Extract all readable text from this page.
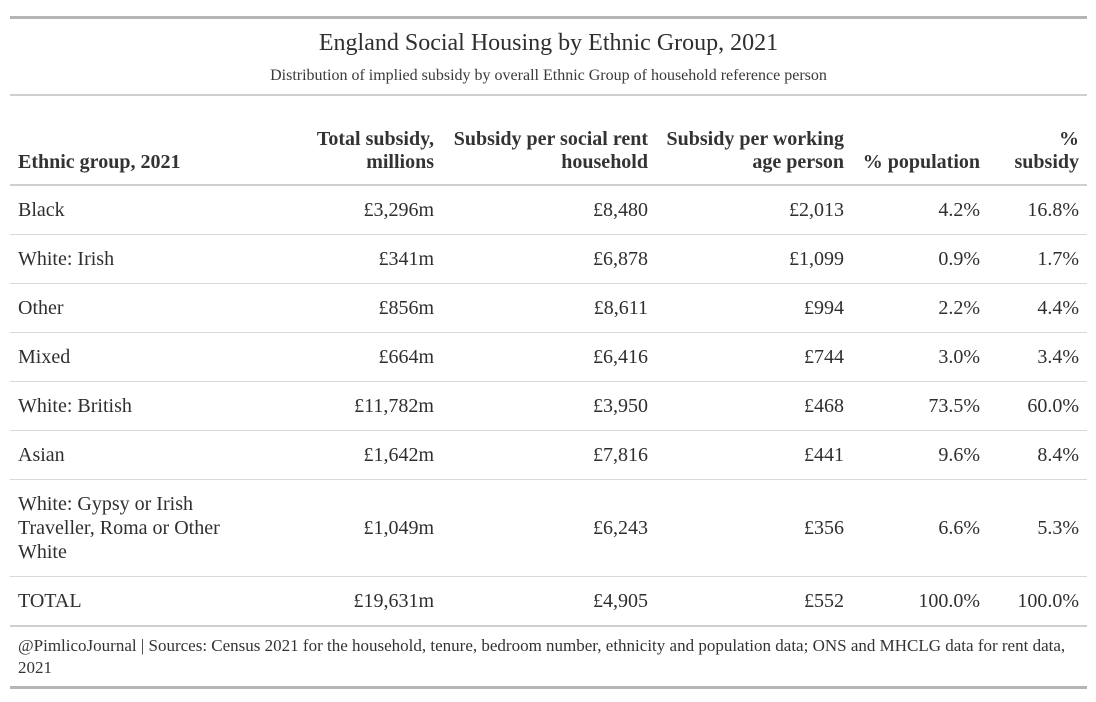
England Social Housing by Ethnic Group, 2021
Distribution of implied subsidy by overall Ethnic Group of household reference person
Ethnic group, 2021	Total subsidy, millions	Subsidy per social rent household	Subsidy per working age person	% population	% subsidy
Black	£3,296m	£8,480	£2,013	4.2%	16.8%
White: Irish	£341m	£6,878	£1,099	0.9%	1.7%
Other	£856m	£8,611	£994	2.2%	4.4%
Mixed	£664m	£6,416	£744	3.0%	3.4%
White: British	£11,782m	£3,950	£468	73.5%	60.0%
Asian	£1,642m	£7,816	£441	9.6%	8.4%
White: Gypsy or Irish Traveller, Roma or Other White	£1,049m	£6,243	£356	6.6%	5.3%
TOTAL	£19,631m	£4,905	£552	100.0%	100.0%
@PimlicoJournal | Sources: Census 2021 for the household, tenure, bedroom number, ethnicity and population data; ONS and MHCLG data for rent data, 2021
